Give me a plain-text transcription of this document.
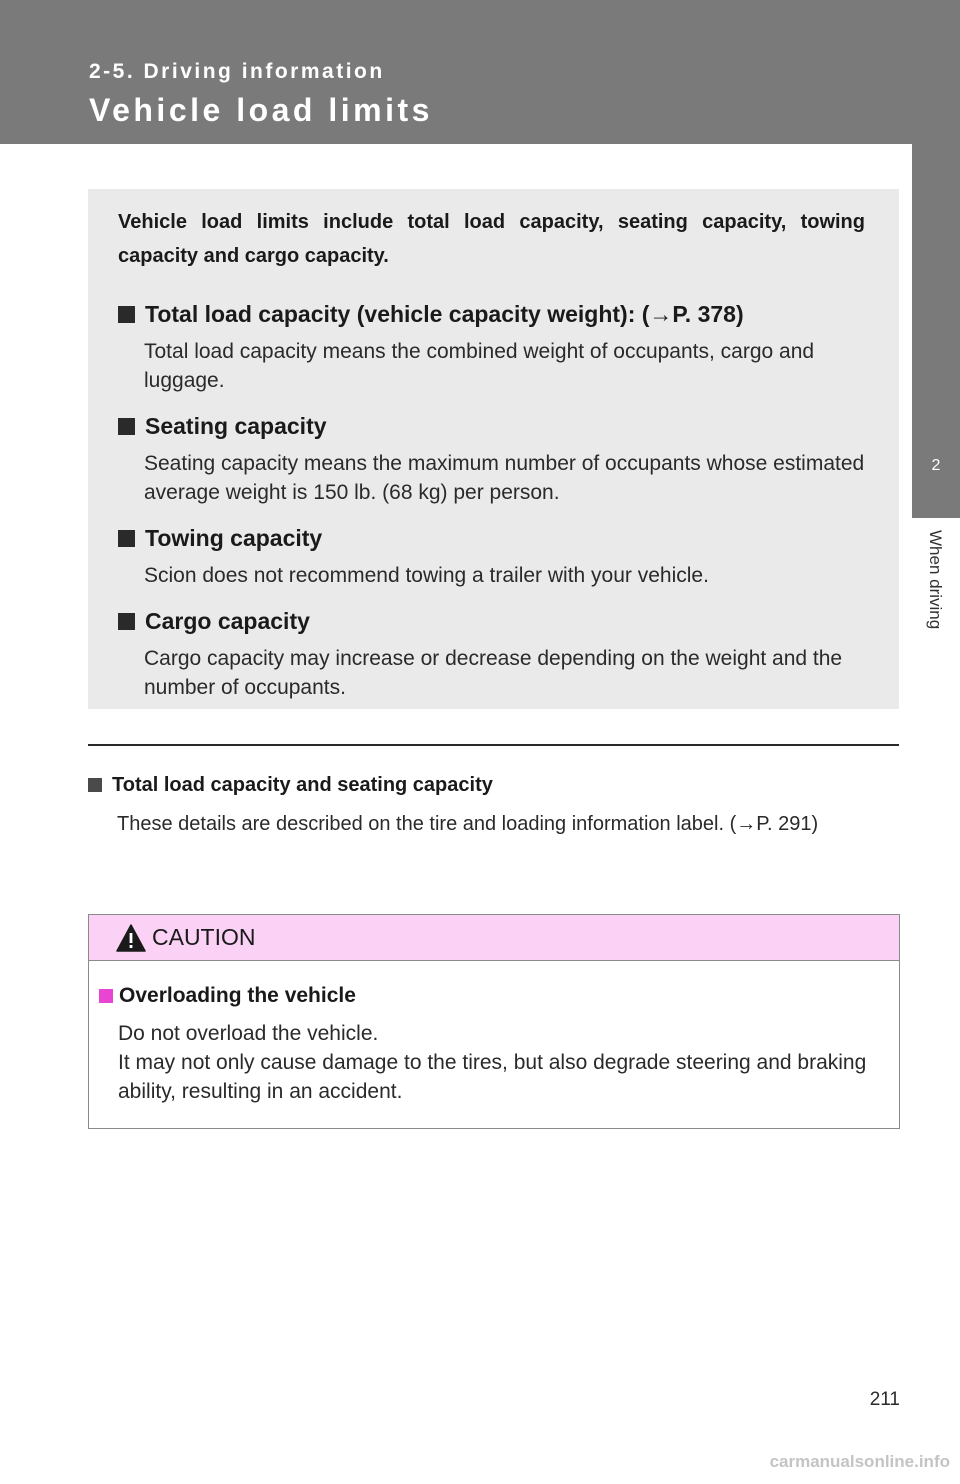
2-5. Driving information

Vehicle load limits
2
When driving

Vehicle load limits include total load capacity, seating capacity, towing capacity and cargo capacity.

Total load capacity (vehicle capacity weight): (→P. 378)

Total load capacity means the combined weight of occupants, cargo and luggage.

Seating capacity

Seating capacity means the maximum number of occupants whose estimated average weight is 150 lb. (68 kg) per person.

Towing capacity

Scion does not recommend towing a trailer with your vehicle.

Cargo capacity

Cargo capacity may increase or decrease depending on the weight and the number of occupants.

Total load capacity and seating capacity

These details are described on the tire and loading information label. (→P. 291)

CAUTION

Overloading the vehicle

Do not overload the vehicle.
It may not only cause damage to the tires, but also degrade steering and braking ability, resulting in an accident.

211
carmanualsonline.info
